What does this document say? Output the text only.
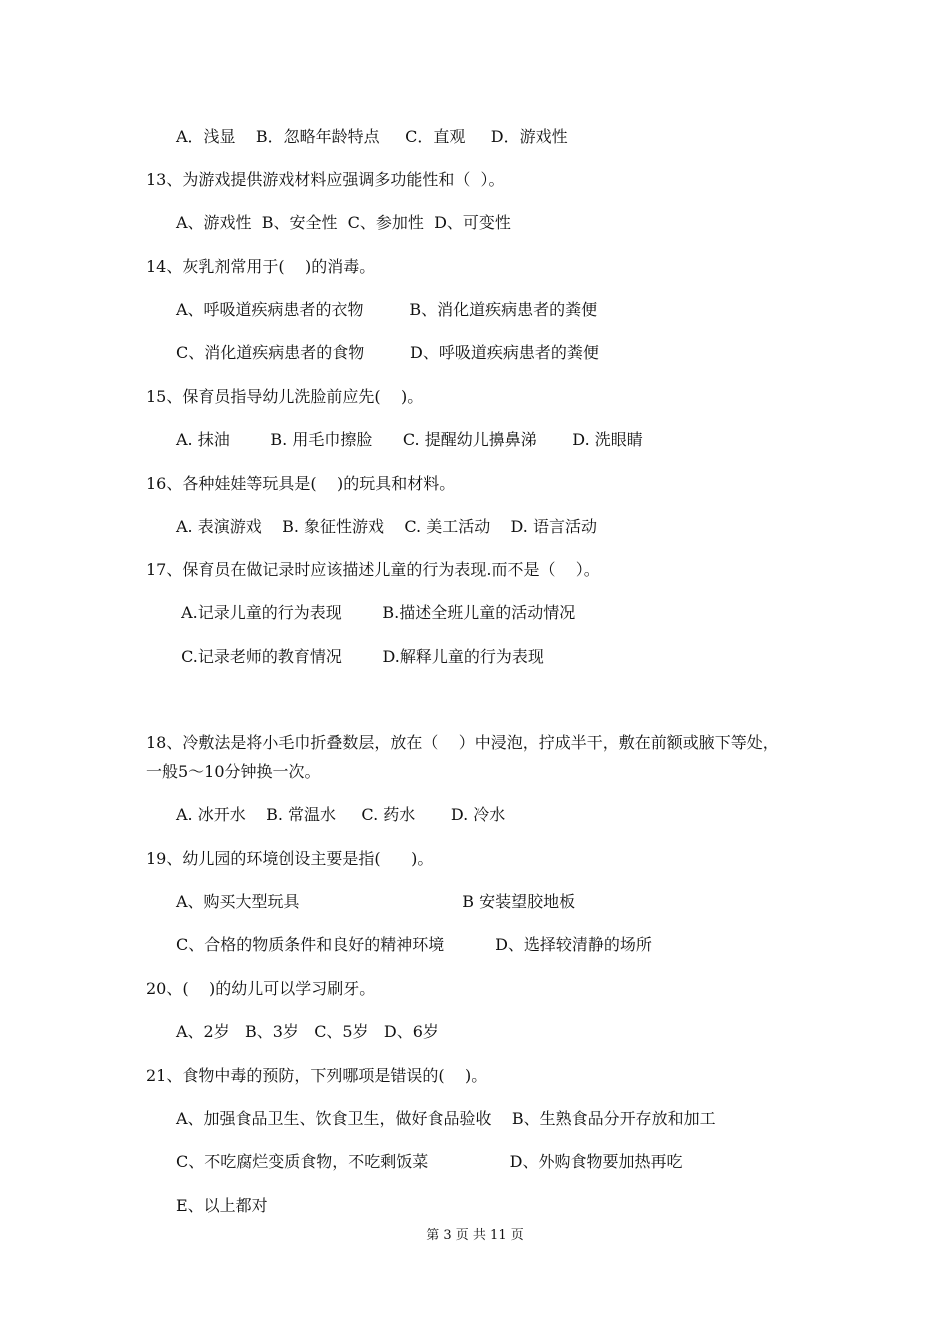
A．浅显    B．忽略年龄特点     C．直观     D．游戏性
13、为游戏提供游戏材料应强调多功能性和（  ）。
A、游戏性  B、安全性  C、参加性  D、可变性
14、灰乳剂常用于(    )的消毒。
A、呼吸道疾病患者的衣物         B、消化道疾病患者的粪便
C、消化道疾病患者的食物         D、呼吸道疾病患者的粪便
15、保育员指导幼儿洗脸前应先(    )。
A. 抹油        B. 用毛巾擦脸      C. 提醒幼儿擤鼻涕       D. 洗眼睛
16、各种娃娃等玩具是(    )的玩具和材料。
A. 表演游戏    B. 象征性游戏    C. 美工活动    D. 语言活动
17、保育员在做记录时应该描述儿童的行为表现.而不是（    ）。
A.记录儿童的行为表现        B.描述全班儿童的活动情况
C.记录老师的教育情况        D.解释儿童的行为表现
18、冷敷法是将小毛巾折叠数层，放在（    ）中浸泡，拧成半干，敷在前额或腋下等处，
一般5～10分钟换一次。
A. 冰开水    B. 常温水     C. 药水       D. 冷水
19、幼儿园的环境创设主要是指(      )。
A、购买大型玩具                                B 安装望胶地板
C、合格的物质条件和良好的精神环境          D、选择较清静的场所
20、(    )的幼儿可以学习刷牙。
A、2岁   B、3岁   C、5岁   D、6岁
21、食物中毒的预防，下列哪项是错误的(    )。
A、加强食品卫生、饮食卫生，做好食品验收    B、生熟食品分开存放和加工
C、不吃腐烂变质食物，不吃剩饭菜                D、外购食物要加热再吃
E、以上都对
第 3 页 共 11 页
